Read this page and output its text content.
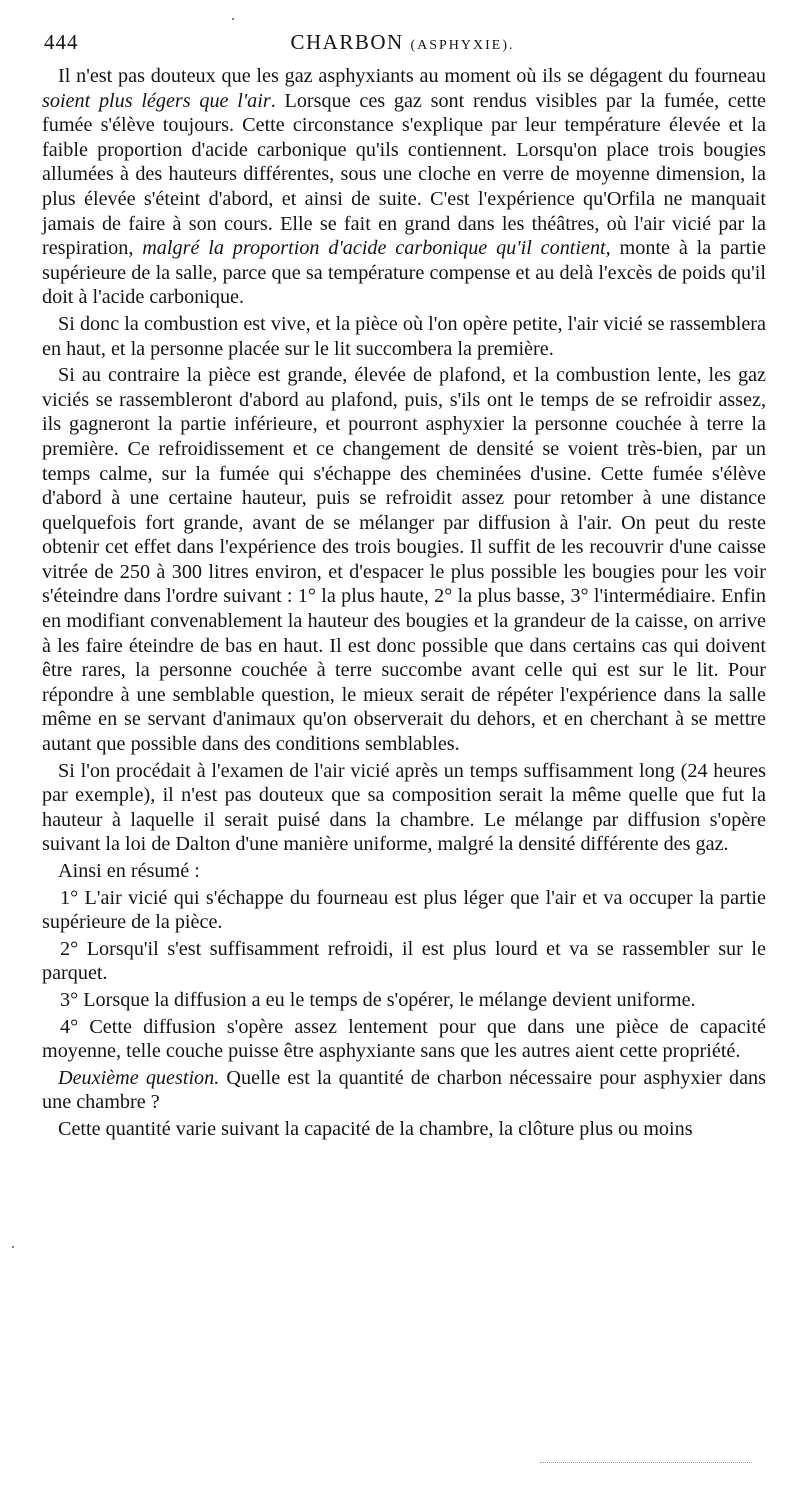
444	CHARBON (ASPHYXIE).

Il n'est pas douteux que les gaz asphyxiants au moment où ils se dégagent du fourneau soient plus légers que l'air. Lorsque ces gaz sont rendus visibles par la fumée, cette fumée s'élève toujours. Cette circonstance s'explique par leur température élevée et la faible proportion d'acide carbonique qu'ils contiennent. Lorsqu'on place trois bougies allumées à des hauteurs différentes, sous une cloche en verre de moyenne dimension, la plus élevée s'éteint d'abord, et ainsi de suite. C'est l'expérience qu'Orfila ne manquait jamais de faire à son cours. Elle se fait en grand dans les théâtres, où l'air vicié par la respiration, malgré la proportion d'acide carbonique qu'il contient, monte à la partie supérieure de la salle, parce que sa température compense et au delà l'excès de poids qu'il doit à l'acide carbonique.

Si donc la combustion est vive, et la pièce où l'on opère petite, l'air vicié se rassemblera en haut, et la personne placée sur le lit succombera la première.

Si au contraire la pièce est grande, élevée de plafond, et la combustion lente, les gaz viciés se rassembleront d'abord au plafond, puis, s'ils ont le temps de se refroidir assez, ils gagneront la partie inférieure, et pourront asphyxier la personne couchée à terre la première. Ce refroidissement et ce changement de densité se voient très-bien, par un temps calme, sur la fumée qui s'échappe des cheminées d'usine. Cette fumée s'élève d'abord à une certaine hauteur, puis se refroidit assez pour retomber à une distance quelquefois fort grande, avant de se mélanger par diffusion à l'air. On peut du reste obtenir cet effet dans l'expérience des trois bougies. Il suffit de les recouvrir d'une caisse vitrée de 250 à 300 litres environ, et d'espacer le plus possible les bougies pour les voir s'éteindre dans l'ordre suivant : 1° la plus haute, 2° la plus basse, 3° l'intermédiaire. Enfin en modifiant convenablement la hauteur des bougies et la grandeur de la caisse, on arrive à les faire éteindre de bas en haut. Il est donc possible que dans certains cas qui doivent être rares, la personne couchée à terre succombe avant celle qui est sur le lit. Pour répondre à une semblable question, le mieux serait de répéter l'expérience dans la salle même en se servant d'animaux qu'on observerait du dehors, et en cherchant à se mettre autant que possible dans des conditions semblables.

Si l'on procédait à l'examen de l'air vicié après un temps suffisamment long (24 heures par exemple), il n'est pas douteux que sa composition serait la même quelle que fut la hauteur à laquelle il serait puisé dans la chambre. Le mélange par diffusion s'opère suivant la loi de Dalton d'une manière uniforme, malgré la densité différente des gaz.

Ainsi en résumé :

1° L'air vicié qui s'échappe du fourneau est plus léger que l'air et va occuper la partie supérieure de la pièce.

2° Lorsqu'il s'est suffisamment refroidi, il est plus lourd et va se rassembler sur le parquet.

3° Lorsque la diffusion a eu le temps de s'opérer, le mélange devient uniforme.

4° Cette diffusion s'opère assez lentement pour que dans une pièce de capacité moyenne, telle couche puisse être asphyxiante sans que les autres aient cette propriété.

Deuxième question. Quelle est la quantité de charbon nécessaire pour asphyxier dans une chambre ?

Cette quantité varie suivant la capacité de la chambre, la clôture plus ou moins
